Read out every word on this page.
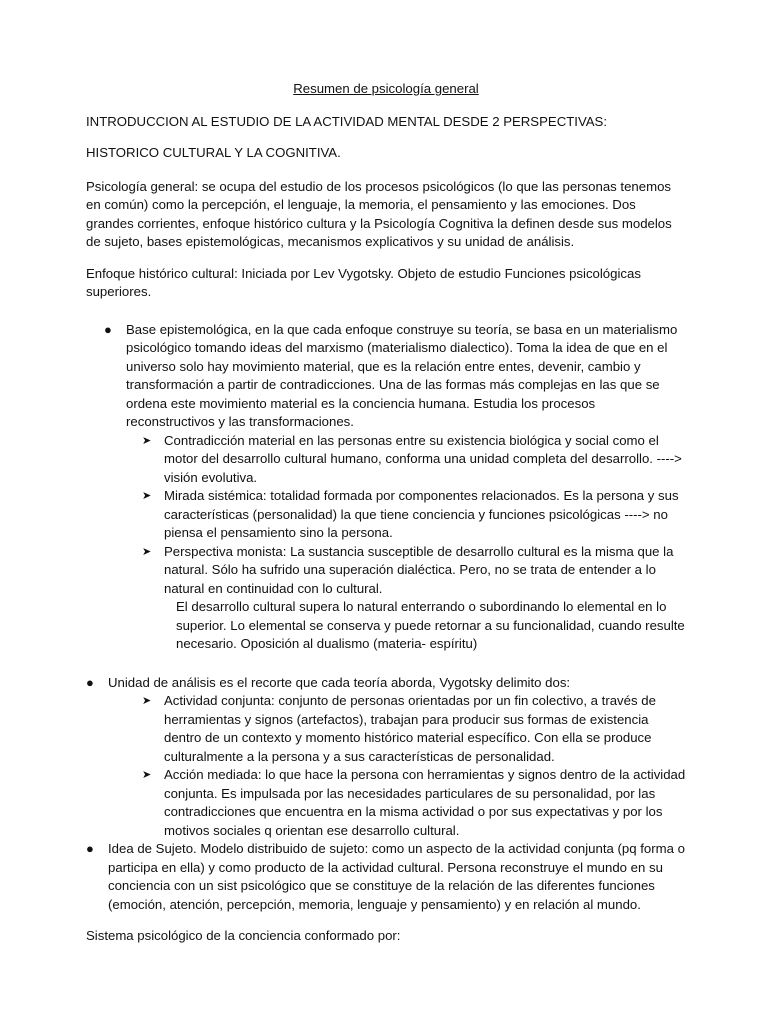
Resumen de psicología general

INTRODUCCION AL ESTUDIO DE LA ACTIVIDAD MENTAL DESDE 2 PERSPECTIVAS:

HISTORICO CULTURAL Y LA COGNITIVA.

Psicología general: se ocupa del estudio de los procesos psicológicos (lo que las personas tenemos en común) como la percepción, el lenguaje, la memoria, el pensamiento y las emociones. Dos grandes corrientes, enfoque histórico cultura y la Psicología Cognitiva la definen desde sus modelos de sujeto, bases epistemológicas, mecanismos explicativos y su unidad de análisis.

Enfoque histórico cultural: Iniciada por Lev Vygotsky. Objeto de estudio Funciones psicológicas superiores.

● Base epistemológica, en la que cada enfoque construye su teoría, se basa en un materialismo psicológico tomando ideas del marxismo (materialismo dialectico). Toma la idea de que en el universo solo hay movimiento material, que es la relación entre entes, devenir, cambio y transformación a partir de contradicciones. Una de las formas más complejas en las que se ordena este movimiento material es la conciencia humana. Estudia los procesos reconstructivos y las transformaciones.
➤ Contradicción material en las personas entre su existencia biológica y social como el motor del desarrollo cultural humano, conforma una unidad completa del desarrollo. ----> visión evolutiva.
➤ Mirada sistémica: totalidad formada por componentes relacionados. Es la persona y sus características (personalidad) la que tiene conciencia y funciones psicológicas ----> no piensa el pensamiento sino la persona.
➤ Perspectiva monista: La sustancia susceptible de desarrollo cultural es la misma que la natural. Sólo ha sufrido una superación dialéctica. Pero, no se trata de entender a lo natural en continuidad con lo cultural.

El desarrollo cultural supera lo natural enterrando o subordinando lo elemental en lo superior. Lo elemental se conserva y puede retornar a su funcionalidad, cuando resulte necesario. Oposición al dualismo (materia- espíritu)

● Unidad de análisis es el recorte que cada teoría aborda, Vygotsky delimito dos:
➤ Actividad conjunta: conjunto de personas orientadas por un fin colectivo, a través de herramientas y signos (artefactos), trabajan para producir sus formas de existencia dentro de un contexto y momento histórico material específico. Con ella se produce culturalmente a la persona y a sus características de personalidad.
➤ Acción mediada: lo que hace la persona con herramientas y signos dentro de la actividad conjunta. Es impulsada por las necesidades particulares de su personalidad, por las contradicciones que encuentra en la misma actividad o por sus expectativas y por los motivos sociales q orientan ese desarrollo cultural.
● Idea de Sujeto. Modelo distribuido de sujeto: como un aspecto de la actividad conjunta (pq forma o participa en ella) y como producto de la actividad cultural. Persona reconstruye el mundo en su conciencia con un sist psicológico que se constituye de la relación de las diferentes funciones (emoción, atención, percepción, memoria, lenguaje y pensamiento) y en relación al mundo.

Sistema psicológico de la conciencia conformado por:
